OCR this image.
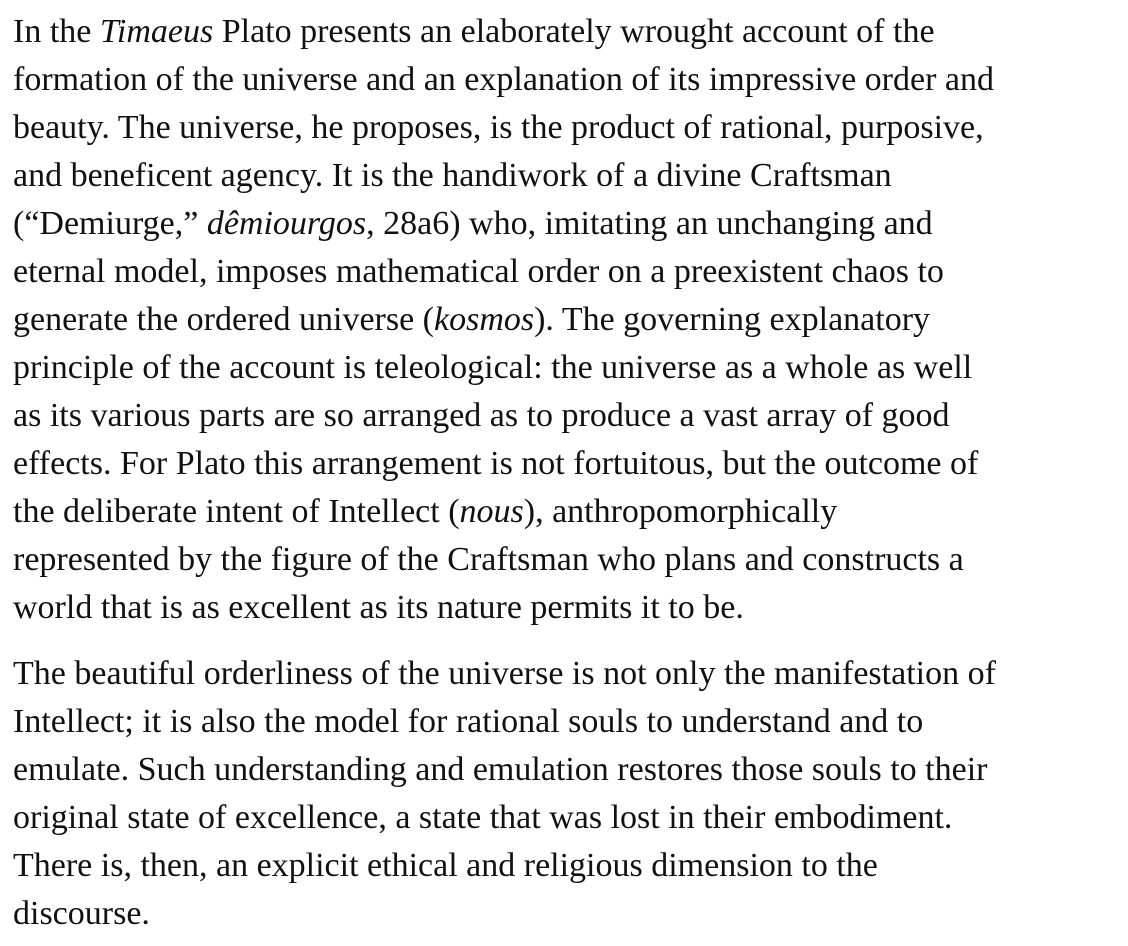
In the Timaeus Plato presents an elaborately wrought account of the
formation of the universe and an explanation of its impressive order and
beauty. The universe, he proposes, is the product of rational, purposive,
and beneficent agency. It is the handiwork of a divine Craftsman
(“Demiurge,” dêmiourgos, 28a6) who, imitating an unchanging and
eternal model, imposes mathematical order on a preexistent chaos to
generate the ordered universe (kosmos). The governing explanatory
principle of the account is teleological: the universe as a whole as well
as its various parts are so arranged as to produce a vast array of good
effects. For Plato this arrangement is not fortuitous, but the outcome of
the deliberate intent of Intellect (nous), anthropomorphically
represented by the figure of the Craftsman who plans and constructs a
world that is as excellent as its nature permits it to be.

The beautiful orderliness of the universe is not only the manifestation of
Intellect; it is also the model for rational souls to understand and to
emulate. Such understanding and emulation restores those souls to their
original state of excellence, a state that was lost in their embodiment.
There is, then, an explicit ethical and religious dimension to the
discourse.
